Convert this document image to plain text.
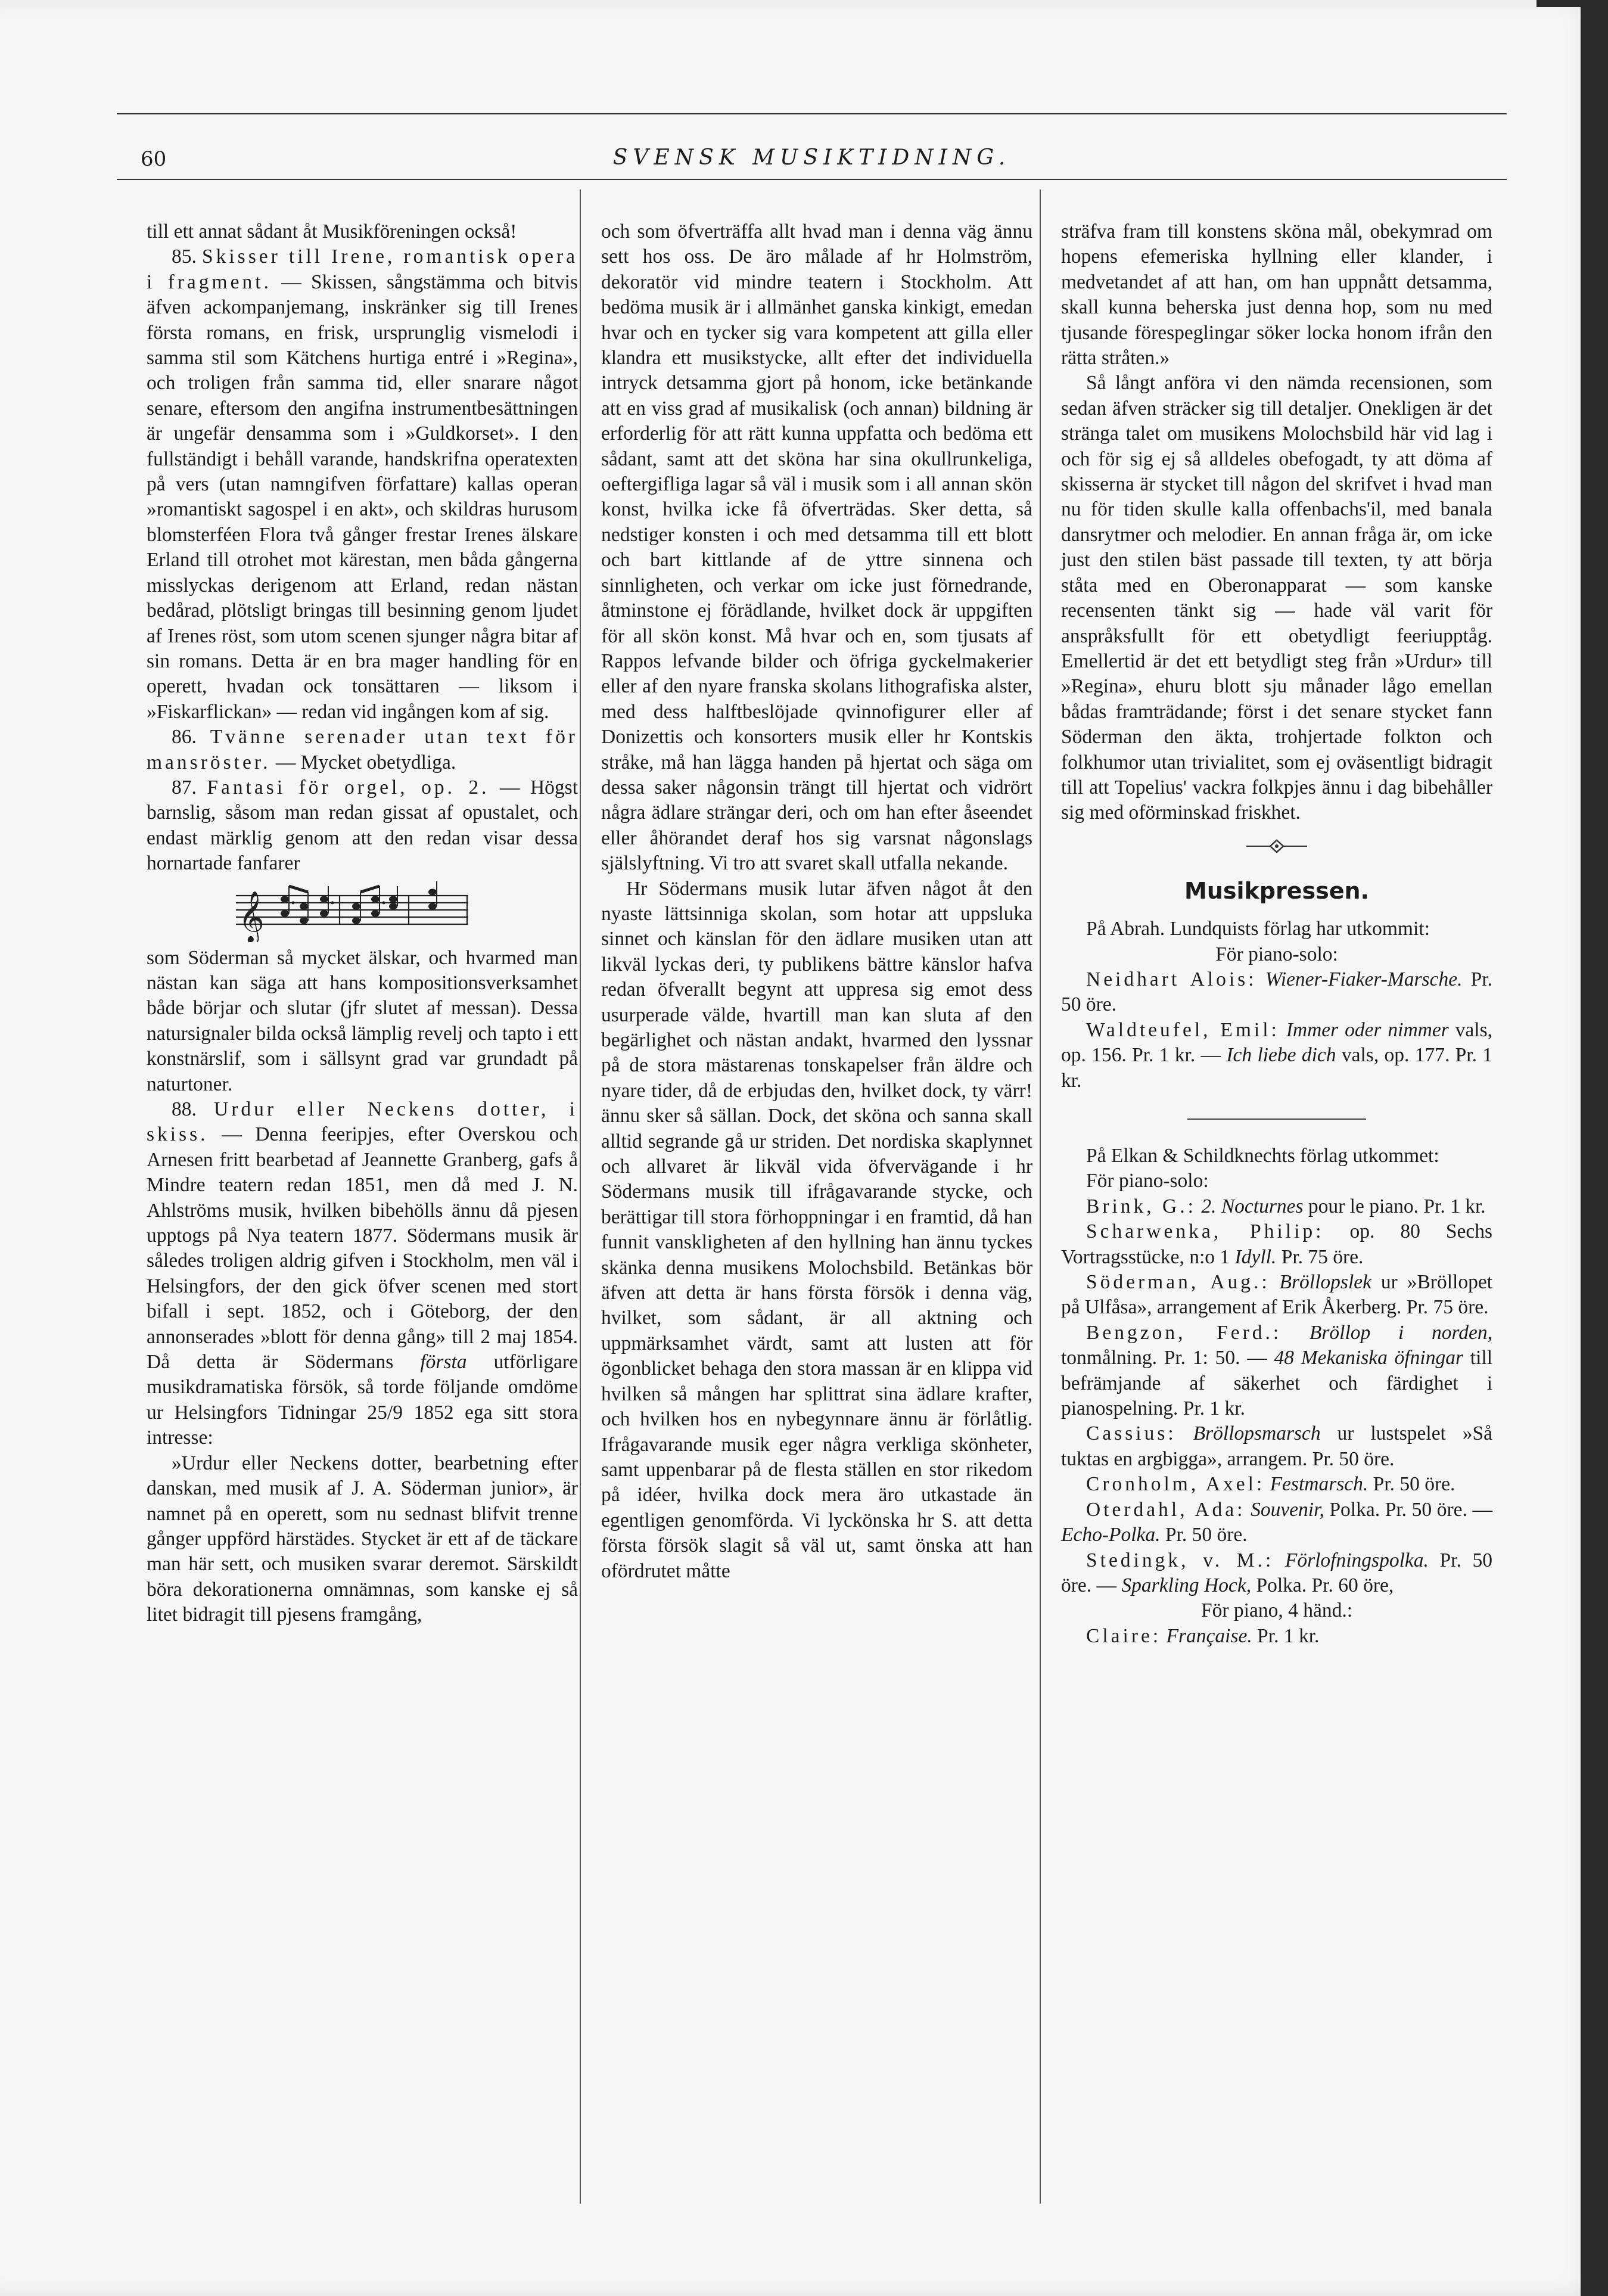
60	SVENSK MUSIKTIDNING.

till ett annat sådant åt Musikföreningen också!

85. Skisser till Irene, romantisk opera i fragment. — Skissen, sångstämma och bitvis äfven ackompanjemang, inskränker sig till Irenes första romans, en frisk, ursprunglig vismelodi i samma stil som Kätchens hurtiga entré i »Regina», och troligen från samma tid, eller snarare något senare, eftersom den angifna instrumentbesättningen är ungefär densamma som i »Guldkorset». I den fullständigt i behåll varande, handskrifna operatexten på vers (utan namngifven författare) kallas operan »romantiskt sagospel i en akt», och skildras hurusom blomsterféen Flora två gånger frestar Irenes älskare Erland till otrohet mot kärestan, men båda gångerna misslyckas derigenom att Erland, redan nästan bedårad, plötsligt bringas till besinning genom ljudet af Irenes röst, som utom scenen sjunger några bitar af sin romans. Detta är en bra mager handling för en operett, hvadan ock tonsättaren — liksom i »Fiskarflickan» — redan vid ingången kom af sig.

86. Tvänne serenader utan text för mansröster. — Mycket obetydliga.

87. Fantasi för orgel, op. 2. — Högst barnslig, såsom man redan gissat af opustalet, och endast märklig genom att den redan visar dessa hornartade fanfarer

𝄞

som Söderman så mycket älskar, och hvarmed man nästan kan säga att hans kompositionsverksamhet både börjar och slutar (jfr slutet af messan). Dessa natursignaler bilda också lämplig revelj och tapto i ett konstnärslif, som i sällsynt grad var grundadt på naturtoner.

88. Urdur eller Neckens dotter, i skiss. — Denna feeripjes, efter Overskou och Arnesen fritt bearbetad af Jeannette Granberg, gafs å Mindre teatern redan 1851, men då med J. N. Ahlströms musik, hvilken bibehölls ännu då pjesen upptogs på Nya teatern 1877. Södermans musik är således troligen aldrig gifven i Stockholm, men väl i Helsingfors, der den gick öfver scenen med stort bifall i sept. 1852, och i Göteborg, der den annonserades »blott för denna gång» till 2 maj 1854. Då detta är Södermans första utförligare musikdramatiska försök, så torde följande omdöme ur Helsingfors Tidningar 25/9 1852 ega sitt stora intresse:

»Urdur eller Neckens dotter, bearbetning efter danskan, med musik af J. A. Söderman junior», är namnet på en operett, som nu sednast blifvit trenne gånger uppförd härstädes. Stycket är ett af de täckare man här sett, och musiken svarar deremot. Särskildt böra dekorationerna omnämnas, som kanske ej så litet bidragit till pjesens framgång,

och som öfverträffa allt hvad man i denna väg ännu sett hos oss. De äro målade af hr Holmström, dekoratör vid mindre teatern i Stockholm. Att bedöma musik är i allmänhet ganska kinkigt, emedan hvar och en tycker sig vara kompetent att gilla eller klandra ett musikstycke, allt efter det individuella intryck detsamma gjort på honom, icke betänkande att en viss grad af musikalisk (och annan) bildning är erforderlig för att rätt kunna uppfatta och bedöma ett sådant, samt att det sköna har sina okullrunkeliga, oeftergifliga lagar så väl i musik som i all annan skön konst, hvilka icke få öfverträdas. Sker detta, så nedstiger konsten i och med detsamma till ett blott och bart kittlande af de yttre sinnena och sinnligheten, och verkar om icke just förnedrande, åtminstone ej förädlande, hvilket dock är uppgiften för all skön konst. Må hvar och en, som tjusats af Rappos lefvande bilder och öfriga gyckelmakerier eller af den nyare franska skolans lithografiska alster, med dess halftbeslöjade qvinnofigurer eller af Donizettis och konsorters musik eller hr Kontskis stråke, må han lägga handen på hjertat och säga om dessa saker någonsin trängt till hjertat och vidrört några ädlare strängar deri, och om han efter åseendet eller åhörandet deraf hos sig varsnat någonslags själslyftning. Vi tro att svaret skall utfalla nekande.

Hr Södermans musik lutar äfven något åt den nyaste lättsinniga skolan, som hotar att uppsluka sinnet och känslan för den ädlare musiken utan att likväl lyckas deri, ty publikens bättre känslor hafva redan öfverallt begynt att uppresa sig emot dess usurperade välde, hvartill man kan sluta af den begärlighet och nästan andakt, hvarmed den lyssnar på de stora mästarenas tonskapelser från äldre och nyare tider, då de erbjudas den, hvilket dock, ty värr! ännu sker så sällan. Dock, det sköna och sanna skall alltid segrande gå ur striden. Det nordiska skaplynnet och allvaret är likväl vida öfvervägande i hr Södermans musik till ifrågavarande stycke, och berättigar till stora förhoppningar i en framtid, då han funnit vanskligheten af den hyllning han ännu tyckes skänka denna musikens Molochsbild. Betänkas bör äfven att detta är hans första försök i denna väg, hvilket, som sådant, är all aktning och uppmärksamhet värdt, samt att lusten att för ögonblicket behaga den stora massan är en klippa vid hvilken så mången har splittrat sina ädlare krafter, och hvilken hos en nybegynnare ännu är förlåtlig. Ifrågavarande musik eger några verkliga skönheter, samt uppenbarar på de flesta ställen en stor rikedom på idéer, hvilka dock mera äro utkastade än egentligen genomförda. Vi lyckönska hr S. att detta första försök slagit så väl ut, samt önska att han ofördrutet måtte

sträfva fram till konstens sköna mål, obekymrad om hopens efemeriska hyllning eller klander, i medvetandet af att han, om han uppnått detsamma, skall kunna beherska just denna hop, som nu med tjusande förespeglingar söker locka honom ifrån den rätta stråten.»

Så långt anföra vi den nämda recensionen, som sedan äfven sträcker sig till detaljer. Onekligen är det stränga talet om musikens Molochsbild här vid lag i och för sig ej så alldeles obefogadt, ty att döma af skisserna är stycket till någon del skrifvet i hvad man nu för tiden skulle kalla offenbachs'il, med banala dansrytmer och melodier. En annan fråga är, om icke just den stilen bäst passade till texten, ty att börja ståta med en Oberonapparat — som kanske recensenten tänkt sig — hade väl varit för anspråksfullt för ett obetydligt feeriupptåg. Emellertid är det ett betydligt steg från »Urdur» till »Regina», ehuru blott sju månader lågo emellan bådas framträdande; först i det senare stycket fann Söderman den äkta, trohjertade folkton och folkhumor utan trivialitet, som ej oväsentligt bidragit till att Topelius' vackra folkpjes ännu i dag bibehåller sig med oförminskad friskhet.

Musikpressen.

På Abrah. Lundquists förlag har utkommit:

För piano-solo:

Neidhart Alois: Wiener-Fiaker-Marsche. Pr. 50 öre.

Waldteufel, Emil: Immer oder nimmer vals, op. 156. Pr. 1 kr. — Ich liebe dich vals, op. 177. Pr. 1 kr.

På Elkan & Schildknechts förlag utkommet:

För piano-solo:

Brink, G.: 2. Nocturnes pour le piano. Pr. 1 kr.

Scharwenka, Philip: op. 80 Sechs Vortragsstücke, n:o 1 Idyll. Pr. 75 öre.

Söderman, Aug.: Bröllopslek ur »Bröllopet på Ulfåsa», arrangement af Erik Åkerberg. Pr. 75 öre.

Bengzon, Ferd.: Bröllop i norden, tonmålning. Pr. 1: 50. — 48 Mekaniska öfningar till befrämjande af säkerhet och färdighet i pianospelning. Pr. 1 kr.

Cassius: Bröllopsmarsch ur lustspelet »Så tuktas en argbigga», arrangem. Pr. 50 öre.

Cronholm, Axel: Festmarsch. Pr. 50 öre.

Oterdahl, Ada: Souvenir, Polka. Pr. 50 öre. — Echo-Polka. Pr. 50 öre.

Stedingk, v. M.: Förlofningspolka. Pr. 50 öre. — Sparkling Hock, Polka. Pr. 60 öre,

För piano, 4 händ.:

Claire: Française. Pr. 1 kr.
